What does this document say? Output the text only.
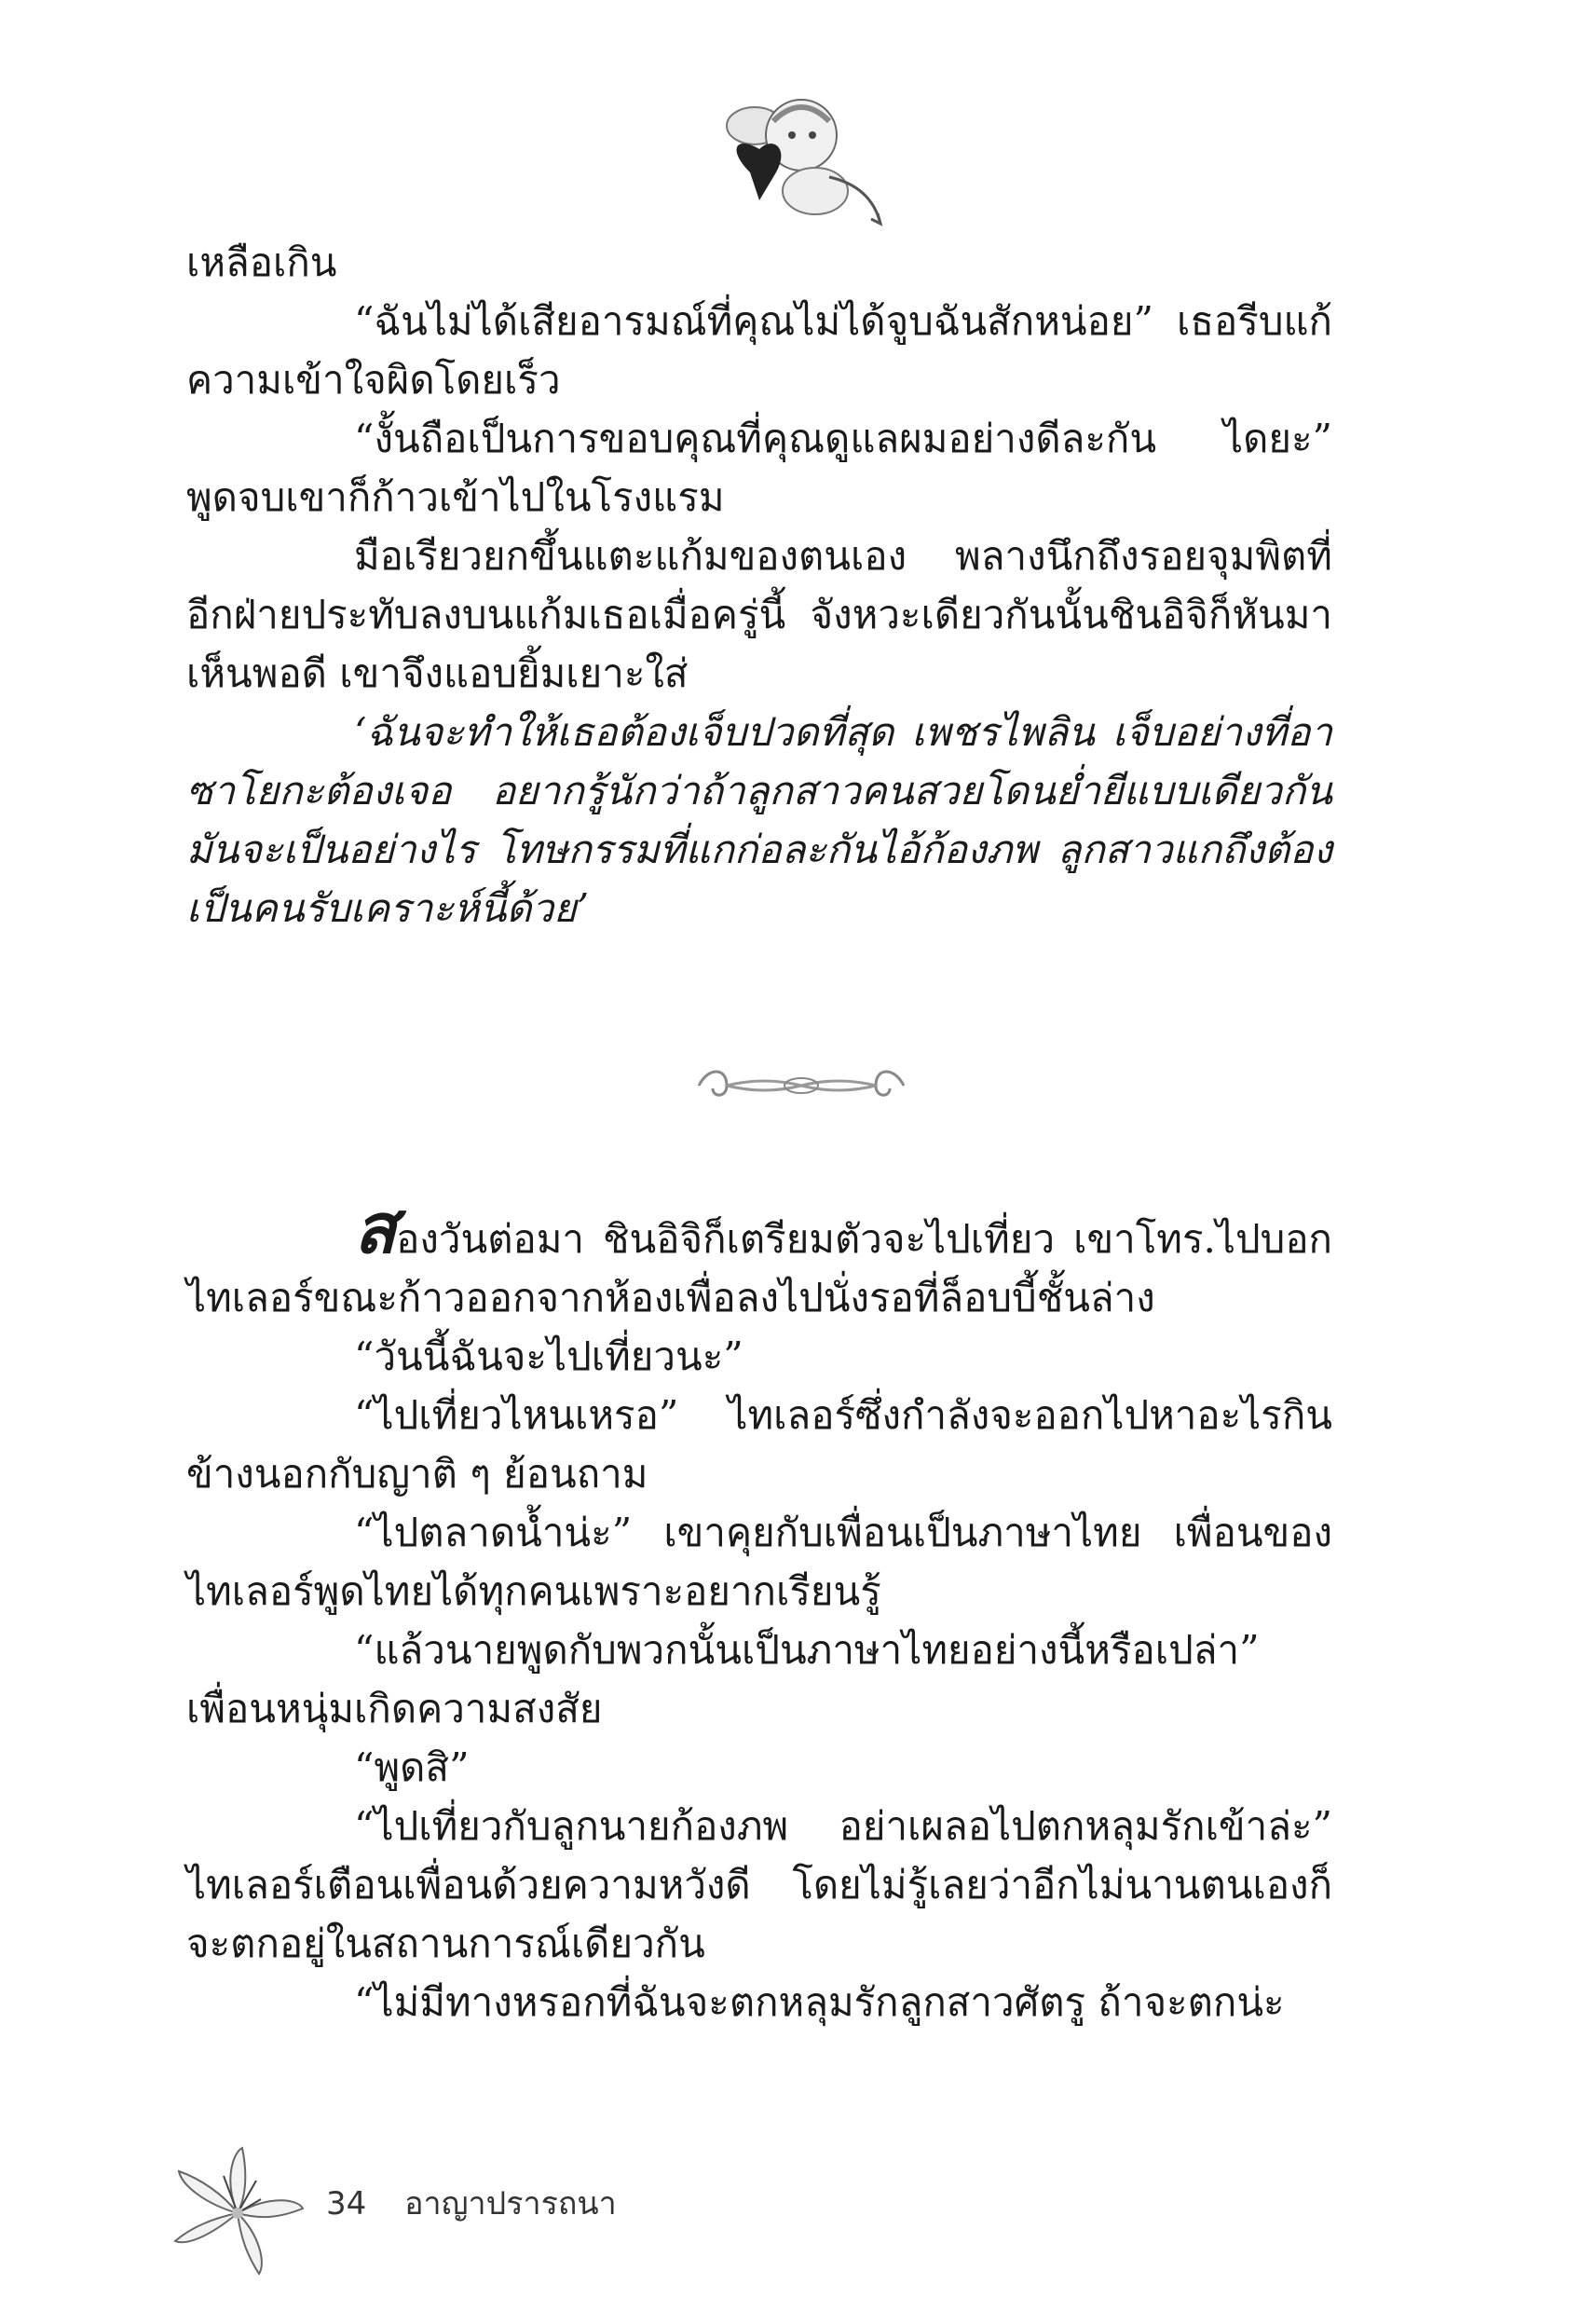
เหลือเกิน

“ฉันไม่ได้เสียอารมณ์ที่คุณไม่ได้จูบฉันสักหน่อย” เธอรีบแก้ความเข้าใจผิดโดยเร็ว

“งั้นถือเป็นการขอบคุณที่คุณดูแลผมอย่างดีละกัน ไดยะ” พูดจบเขาก็ก้าวเข้าไปในโรงแรม

มือเรียวยกขึ้นแตะแก้มของตนเอง พลางนึกถึงรอยจุมพิตที่อีกฝ่ายประทับลงบนแก้มเธอเมื่อครู่นี้ จังหวะเดียวกันนั้นชินอิจิก็หันมาเห็นพอดี เขาจึงแอบยิ้มเยาะใส่

‘ฉันจะทำให้เธอต้องเจ็บปวดที่สุด เพชรไพลิน เจ็บอย่างที่อาซาโยกะต้องเจอ อยากรู้นักว่าถ้าลูกสาวคนสวยโดนย่ำยีแบบเดียวกันมันจะเป็นอย่างไร โทษกรรมที่แกก่อละกันไอ้ก้องภพ ลูกสาวแกถึงต้องเป็นคนรับเคราะห์นี้ด้วย’

สองวันต่อมา ชินอิจิก็เตรียมตัวจะไปเที่ยว เขาโทร.ไปบอกไทเลอร์ขณะก้าวออกจากห้องเพื่อลงไปนั่งรอที่ล็อบบี้ชั้นล่าง

“วันนี้ฉันจะไปเที่ยวนะ”

“ไปเที่ยวไหนเหรอ” ไทเลอร์ซึ่งกำลังจะออกไปหาอะไรกินข้างนอกกับญาติ ๆ ย้อนถาม

“ไปตลาดน้ำน่ะ” เขาคุยกับเพื่อนเป็นภาษาไทย เพื่อนของไทเลอร์พูดไทยได้ทุกคนเพราะอยากเรียนรู้

“แล้วนายพูดกับพวกนั้นเป็นภาษาไทยอย่างนี้หรือเปล่า” เพื่อนหนุ่มเกิดความสงสัย

“พูดสิ”

“ไปเที่ยวกับลูกนายก้องภพ อย่าเผลอไปตกหลุมรักเข้าล่ะ” ไทเลอร์เตือนเพื่อนด้วยความหวังดี โดยไม่รู้เลยว่าอีกไม่นานตนเองก็จะตกอยู่ในสถานการณ์เดียวกัน

“ไม่มีทางหรอกที่ฉันจะตกหลุมรักลูกสาวศัตรู ถ้าจะตกน่ะ

34 อาญาปรารถนา
